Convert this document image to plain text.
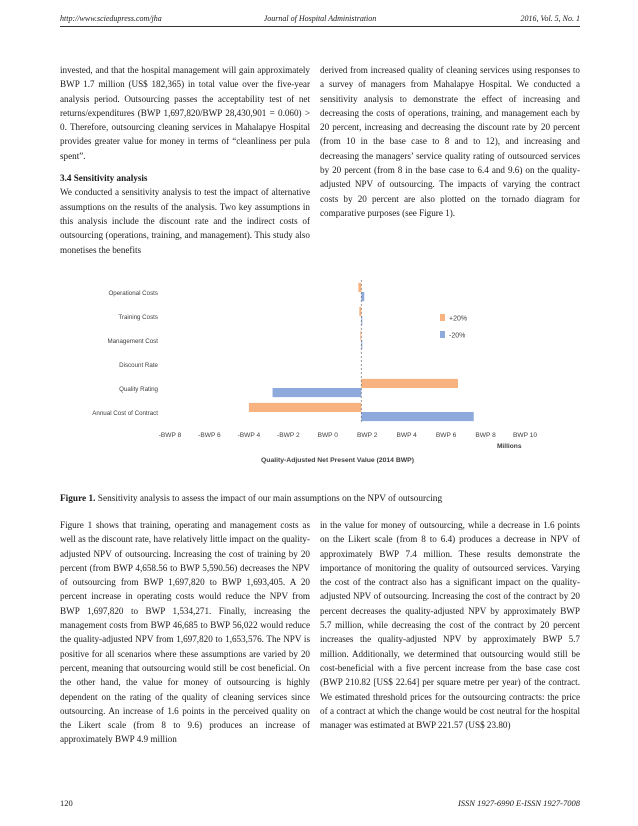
http://www.sciedupress.com/jha	Journal of Hospital Administration	2016, Vol. 5, No. 1

invested, and that the hospital management will gain approximately BWP 1.7 million (US$ 182,365) in total value over the five-year analysis period. Outsourcing passes the acceptability test of net returns/expenditures (BWP 1,697,820/BWP 28,430,901 = 0.060) > 0. Therefore, outsourcing cleaning services in Mahalapye Hospital provides greater value for money in terms of “cleanliness per pula spent”.

3.4 Sensitivity analysis

We conducted a sensitivity analysis to test the impact of alternative assumptions on the results of the analysis. Two key assumptions in this analysis include the discount rate and the indirect costs of outsourcing (operations, training, and management). This study also monetises the benefits

derived from increased quality of cleaning services using responses to a survey of managers from Mahalapye Hospital. We conducted a sensitivity analysis to demonstrate the effect of increasing and decreasing the costs of operations, training, and management each by 20 percent, increasing and decreasing the discount rate by 20 percent (from 10 in the base case to 8 and to 12), and increasing and decreasing the managers’ service quality rating of outsourced services by 20 percent (from 8 in the base case to 6.4 and 9.6) on the quality-adjusted NPV of outsourcing. The impacts of varying the contract costs by 20 percent are also plotted on the tornado diagram for comparative purposes (see Figure 1).

Operational Costs
Training Costs
Management Cost
Discount Rate
Quality Rating
Annual Cost of Contract
-BWP 8	-BWP 6	-BWP 4	-BWP 2	BWP 0	BWP 2	BWP 4	BWP 6	BWP 8	BWP 10
Millions
Quality-Adjusted Net Present Value (2014 BWP)
+20%
-20%
Figure 1. Sensitivity analysis to assess the impact of our main assumptions on the NPV of outsourcing

Figure 1 shows that training, operating and management costs as well as the discount rate, have relatively little impact on the quality-adjusted NPV of outsourcing. Increasing the cost of training by 20 percent (from BWP 4,658.56 to BWP 5,590.56) decreases the NPV of outsourcing from BWP 1,697,820 to BWP 1,693,405. A 20 percent increase in operating costs would reduce the NPV from BWP 1,697,820 to BWP 1,534,271. Finally, increasing the management costs from BWP 46,685 to BWP 56,022 would reduce the quality-adjusted NPV from 1,697,820 to 1,653,576. The NPV is positive for all scenarios where these assumptions are varied by 20 percent, meaning that outsourcing would still be cost beneficial. On the other hand, the value for money of outsourcing is highly dependent on the rating of the quality of cleaning services since outsourcing. An increase of 1.6 points in the perceived quality on the Likert scale (from 8 to 9.6) produces an increase of approximately BWP 4.9 million

in the value for money of outsourcing, while a decrease in 1.6 points on the Likert scale (from 8 to 6.4) produces a decrease in NPV of approximately BWP 7.4 million. These results demonstrate the importance of monitoring the quality of outsourced services. Varying the cost of the contract also has a significant impact on the quality-adjusted NPV of outsourcing. Increasing the cost of the contract by 20 percent decreases the quality-adjusted NPV by approximately BWP 5.7 million, while decreasing the cost of the contract by 20 percent increases the quality-adjusted NPV by approximately BWP 5.7 million. Additionally, we determined that outsourcing would still be cost-beneficial with a five percent increase from the base case cost (BWP 210.82 [US$ 22.64] per square metre per year) of the contract. We estimated threshold prices for the outsourcing contracts: the price of a contract at which the change would be cost neutral for the hospital manager was estimated at BWP 221.57 (US$ 23.80)

120	ISSN 1927-6990 E-ISSN 1927-7008
